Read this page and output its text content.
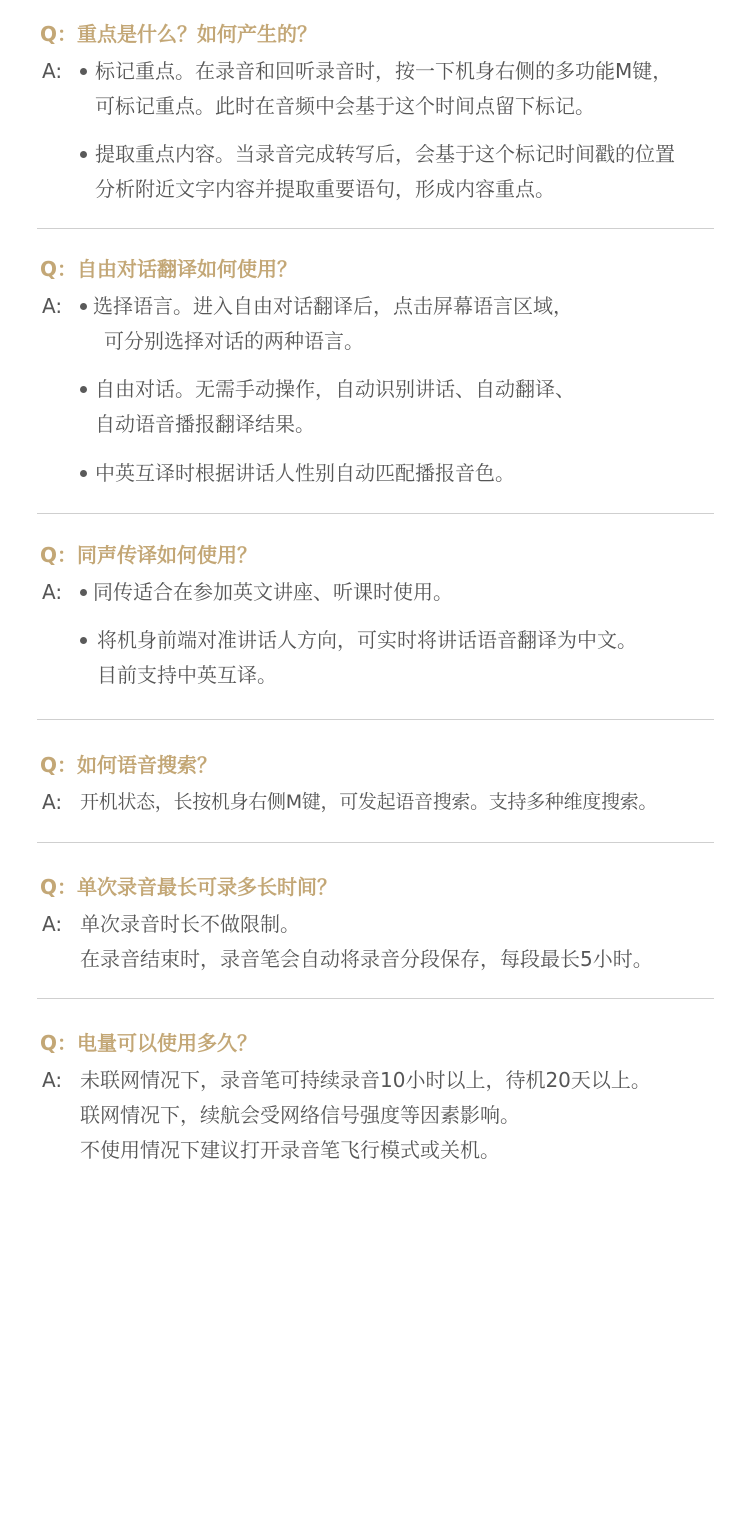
Q：重点是什么？如何产生的？
A: 标记重点。在录音和回听录音时，按一下机身右侧的多功能M键，
可标记重点。此时在音频中会基于这个时间点留下标记。
提取重点内容。当录音完成转写后，会基于这个标记时间戳的位置
分析附近文字内容并提取重要语句，形成内容重点。
Q：自由对话翻译如何使用？
A: 选择语言。进入自由对话翻译后，点击屏幕语言区域，
可分别选择对话的两种语言。
自由对话。无需手动操作，自动识别讲话、自动翻译、
自动语音播报翻译结果。
中英互译时根据讲话人性别自动匹配播报音色。
Q：同声传译如何使用？
A: 同传适合在参加英文讲座、听课时使用。
将机身前端对准讲话人方向，可实时将讲话语音翻译为中文。
目前支持中英互译。
Q：如何语音搜索？
A: 开机状态，长按机身右侧M键，可发起语音搜索。支持多种维度搜索。
Q：单次录音最长可录多长时间？
A: 单次录音时长不做限制。
在录音结束时，录音笔会自动将录音分段保存，每段最长5小时。
Q：电量可以使用多久？
A: 未联网情况下，录音笔可持续录音10小时以上，待机20天以上。
联网情况下，续航会受网络信号强度等因素影响。
不使用情况下建议打开录音笔飞行模式或关机。
